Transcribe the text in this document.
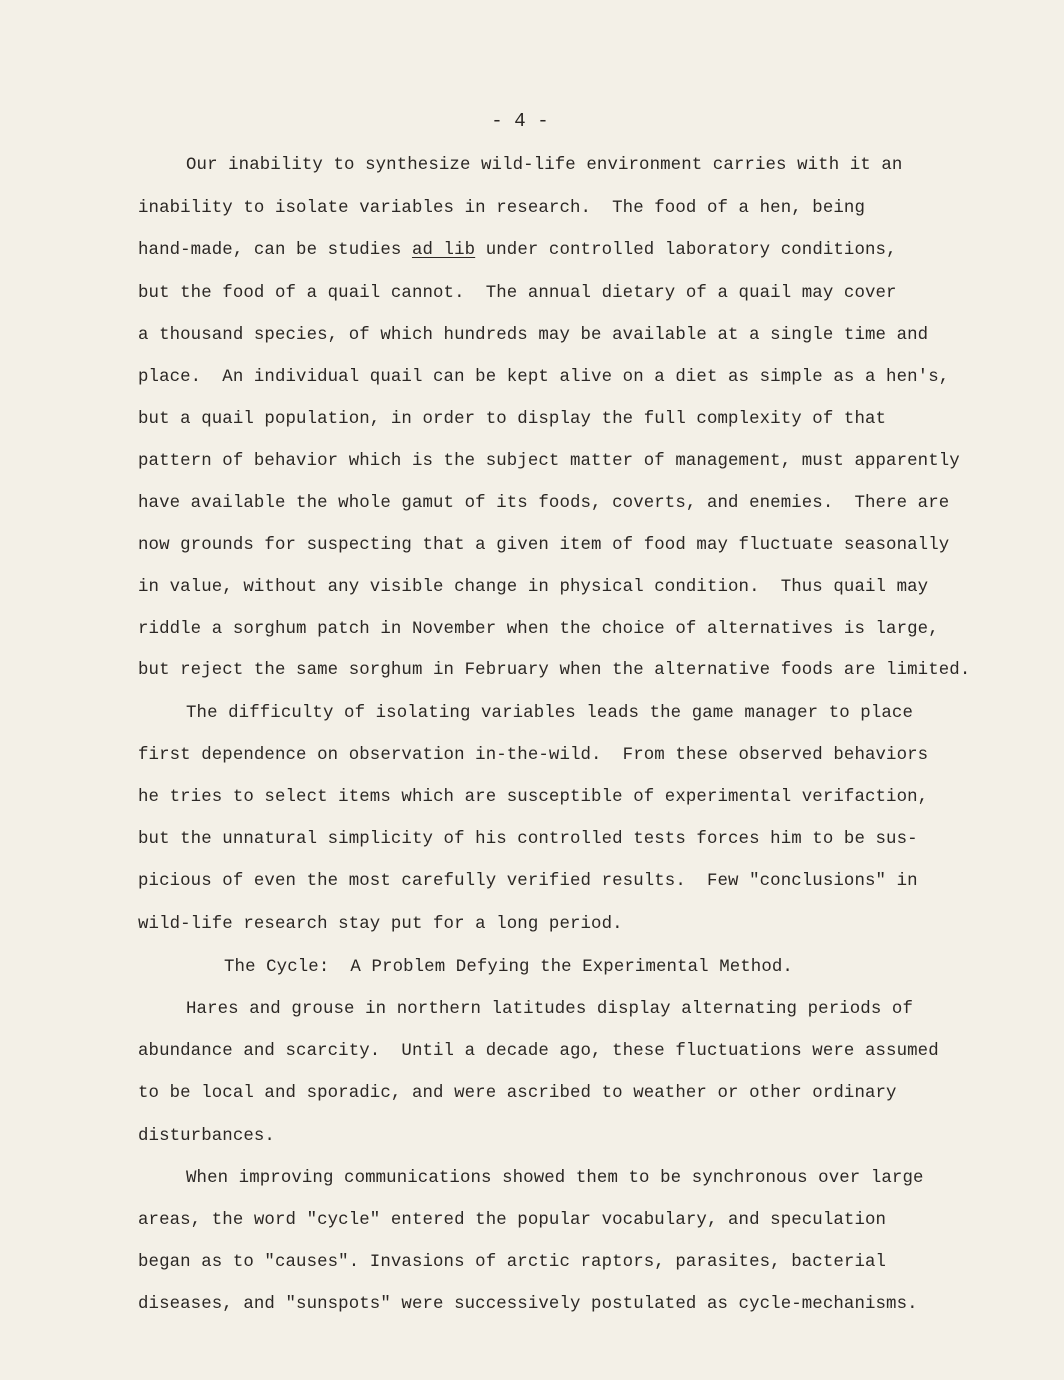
- 4 -
Our inability to synthesize wild-life environment carries with it an
inability to isolate variables in research.  The food of a hen, being
hand-made, can be studies ad lib under controlled laboratory conditions,
but the food of a quail cannot.  The annual dietary of a quail may cover
a thousand species, of which hundreds may be available at a single time and
place.  An individual quail can be kept alive on a diet as simple as a hen's,
but a quail population, in order to display the full complexity of that
pattern of behavior which is the subject matter of management, must apparently
have available the whole gamut of its foods, coverts, and enemies.  There are
now grounds for suspecting that a given item of food may fluctuate seasonally
in value, without any visible change in physical condition.  Thus quail may
riddle a sorghum patch in November when the choice of alternatives is large,
but reject the same sorghum in February when the alternative foods are limited.
The difficulty of isolating variables leads the game manager to place
first dependence on observation in-the-wild.  From these observed behaviors
he tries to select items which are susceptible of experimental verifaction,
but the unnatural simplicity of his controlled tests forces him to be sus-
picious of even the most carefully verified results.  Few "conclusions" in
wild-life research stay put for a long period.
The Cycle:  A Problem Defying the Experimental Method.
Hares and grouse in northern latitudes display alternating periods of
abundance and scarcity.  Until a decade ago, these fluctuations were assumed
to be local and sporadic, and were ascribed to weather or other ordinary
disturbances.
When improving communications showed them to be synchronous over large
areas, the word "cycle" entered the popular vocabulary, and speculation
began as to "causes". Invasions of arctic raptors, parasites, bacterial
diseases, and "sunspots" were successively postulated as cycle-mechanisms.
